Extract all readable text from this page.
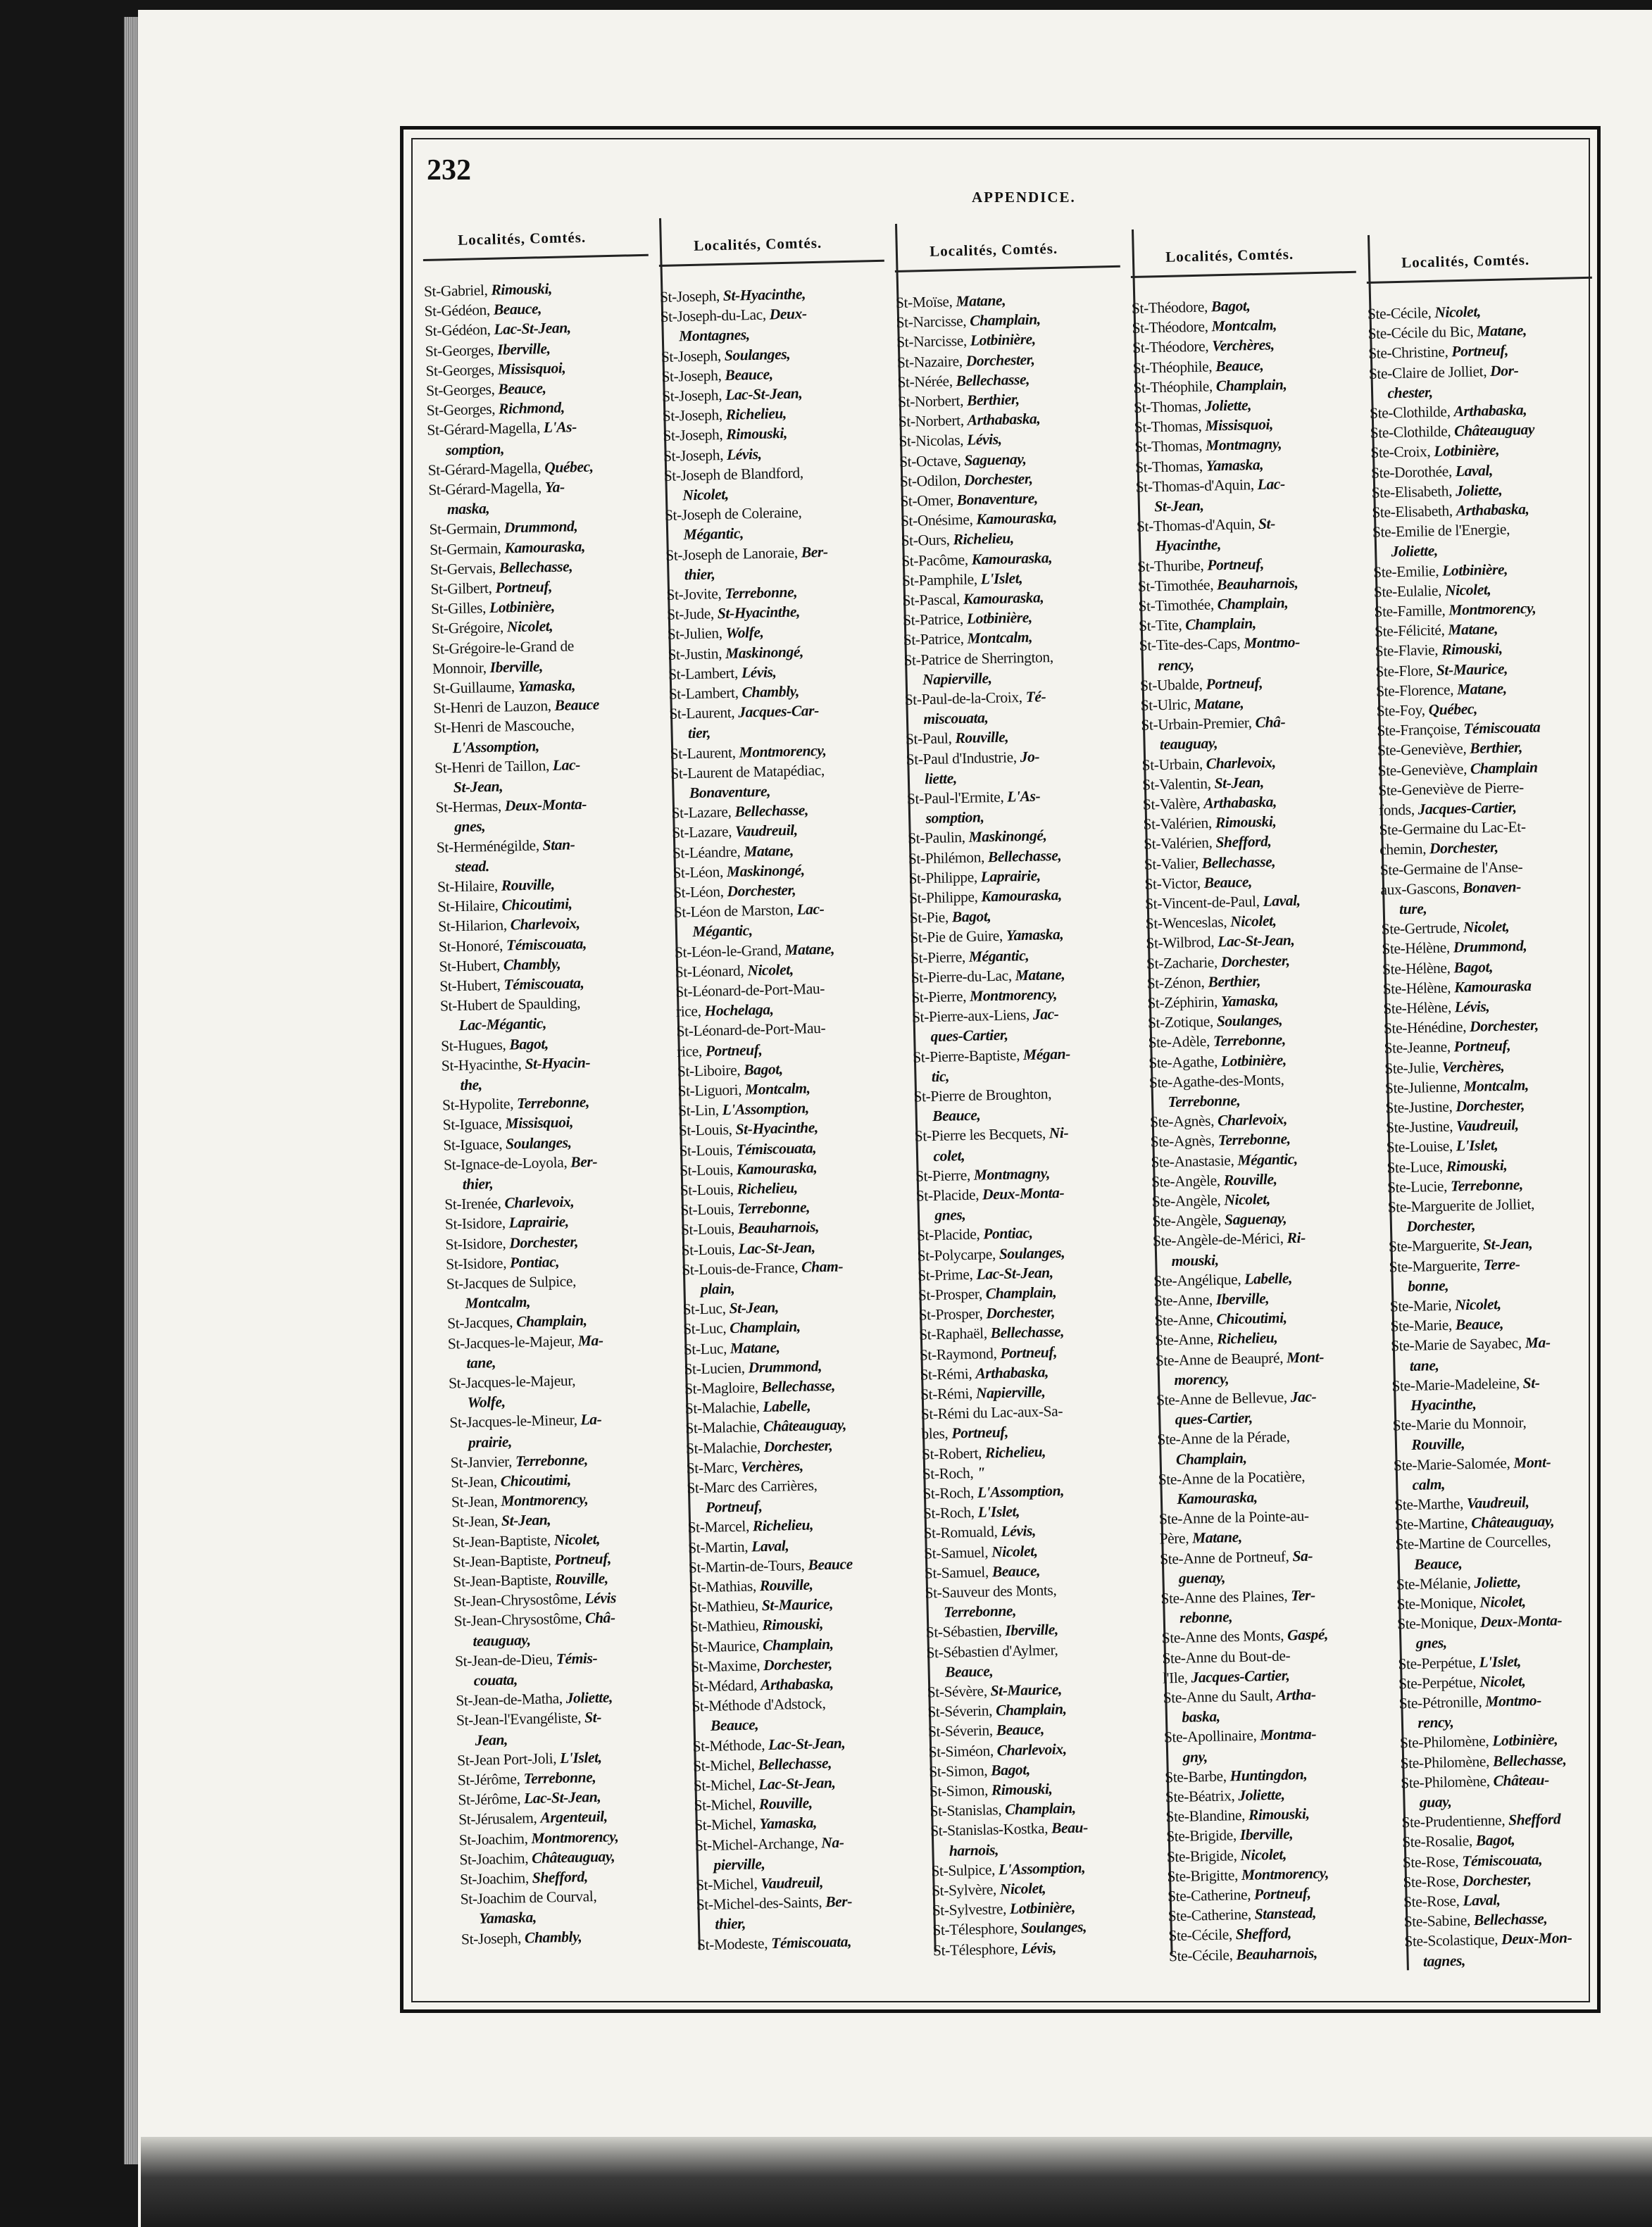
232
APPENDICE.
Localités, Comtés.
St-Gabriel, Rimouski,
St-Gédéon, Beauce,
St-Gédéon, Lac-St-Jean,
St-Georges, Iberville,
St-Georges, Missisquoi,
St-Georges, Beauce,
St-Georges, Richmond,
St-Gérard-Magella, L'As-
somption,
St-Gérard-Magella, Québec,
St-Gérard-Magella, Ya-
maska,
St-Germain, Drummond,
St-Germain, Kamouraska,
St-Gervais, Bellechasse,
St-Gilbert, Portneuf,
St-Gilles, Lotbinière,
St-Grégoire, Nicolet,
St-Grégoire-le-Grand de
Monnoir, Iberville,
St-Guillaume, Yamaska,
St-Henri de Lauzon, Beauce
St-Henri de Mascouche,
L'Assomption,
St-Henri de Taillon, Lac-
St-Jean,
St-Hermas, Deux-Monta-
gnes,
St-Herménégilde, Stan-
stead.
St-Hilaire, Rouville,
St-Hilaire, Chicoutimi,
St-Hilarion, Charlevoix,
St-Honoré, Témiscouata,
St-Hubert, Chambly,
St-Hubert, Témiscouata,
St-Hubert de Spaulding,
Lac-Mégantic,
St-Hugues, Bagot,
St-Hyacinthe, St-Hyacin-
the,
St-Hypolite, Terrebonne,
St-Iguace, Missisquoi,
St-Iguace, Soulanges,
St-Ignace-de-Loyola, Ber-
thier,
St-Irenée, Charlevoix,
St-Isidore, Laprairie,
St-Isidore, Dorchester,
St-Isidore, Pontiac,
St-Jacques de Sulpice,
Montcalm,
St-Jacques, Champlain,
St-Jacques-le-Majeur, Ma-
tane,
St-Jacques-le-Majeur,
Wolfe,
St-Jacques-le-Mineur, La-
prairie,
St-Janvier, Terrebonne,
St-Jean, Chicoutimi,
St-Jean, Montmorency,
St-Jean, St-Jean,
St-Jean-Baptiste, Nicolet,
St-Jean-Baptiste, Portneuf,
St-Jean-Baptiste, Rouville,
St-Jean-Chrysostôme, Lévis
St-Jean-Chrysostôme, Châ-
teauguay,
St-Jean-de-Dieu, Témis-
couata,
St-Jean-de-Matha, Joliette,
St-Jean-l'Evangéliste, St-
Jean,
St-Jean Port-Joli, L'Islet,
St-Jérôme, Terrebonne,
St-Jérôme, Lac-St-Jean,
St-Jérusalem, Argenteuil,
St-Joachim, Montmorency,
St-Joachim, Châteauguay,
St-Joachim, Shefford,
St-Joachim de Courval,
Yamaska,
St-Joseph, Chambly,
Localités, Comtés.
St-Joseph, St-Hyacinthe,
St-Joseph-du-Lac, Deux-
Montagnes,
St-Joseph, Soulanges,
St-Joseph, Beauce,
St-Joseph, Lac-St-Jean,
St-Joseph, Richelieu,
St-Joseph, Rimouski,
St-Joseph, Lévis,
St-Joseph de Blandford,
Nicolet,
St-Joseph de Coleraine,
Mégantic,
St-Joseph de Lanoraie, Ber-
thier,
St-Jovite, Terrebonne,
St-Jude, St-Hyacinthe,
St-Julien, Wolfe,
St-Justin, Maskinongé,
St-Lambert, Lévis,
St-Lambert, Chambly,
St-Laurent, Jacques-Car-
tier,
St-Laurent, Montmorency,
St-Laurent de Matapédiac,
Bonaventure,
St-Lazare, Bellechasse,
St-Lazare, Vaudreuil,
St-Léandre, Matane,
St-Léon, Maskinongé,
St-Léon, Dorchester,
St-Léon de Marston, Lac-
Mégantic,
St-Léon-le-Grand, Matane,
St-Léonard, Nicolet,
St-Léonard-de-Port-Mau-
rice, Hochelaga,
St-Léonard-de-Port-Mau-
rice, Portneuf,
St-Liboire, Bagot,
St-Liguori, Montcalm,
St-Lin, L'Assomption,
St-Louis, St-Hyacinthe,
St-Louis, Témiscouata,
St-Louis, Kamouraska,
St-Louis, Richelieu,
St-Louis, Terrebonne,
St-Louis, Beauharnois,
St-Louis, Lac-St-Jean,
St-Louis-de-France, Cham-
plain,
St-Luc, St-Jean,
St-Luc, Champlain,
St-Luc, Matane,
St-Lucien, Drummond,
St-Magloire, Bellechasse,
St-Malachie, Labelle,
St-Malachie, Châteauguay,
St-Malachie, Dorchester,
St-Marc, Verchères,
St-Marc des Carrières,
Portneuf,
St-Marcel, Richelieu,
St-Martin, Laval,
St-Martin-de-Tours, Beauce
St-Mathias, Rouville,
St-Mathieu, St-Maurice,
St-Mathieu, Rimouski,
St-Maurice, Champlain,
St-Maxime, Dorchester,
St-Médard, Arthabaska,
St-Méthode d'Adstock,
Beauce,
St-Méthode, Lac-St-Jean,
St-Michel, Bellechasse,
St-Michel, Lac-St-Jean,
St-Michel, Rouville,
St-Michel, Yamaska,
St-Michel-Archange, Na-
pierville,
St-Michel, Vaudreuil,
St-Michel-des-Saints, Ber-
thier,
St-Modeste, Témiscouata,
Localités, Comtés.
St-Moïse, Matane,
St-Narcisse, Champlain,
St-Narcisse, Lotbinière,
St-Nazaire, Dorchester,
St-Nérée, Bellechasse,
St-Norbert, Berthier,
St-Norbert, Arthabaska,
St-Nicolas, Lévis,
St-Octave, Saguenay,
St-Odilon, Dorchester,
St-Omer, Bonaventure,
St-Onésime, Kamouraska,
St-Ours, Richelieu,
St-Pacôme, Kamouraska,
St-Pamphile, L'Islet,
St-Pascal, Kamouraska,
St-Patrice, Lotbinière,
St-Patrice, Montcalm,
St-Patrice de Sherrington,
Napierville,
St-Paul-de-la-Croix, Té-
miscouata,
St-Paul, Rouville,
St-Paul d'Industrie, Jo-
liette,
St-Paul-l'Ermite, L'As-
somption,
St-Paulin, Maskinongé,
St-Philémon, Bellechasse,
St-Philippe, Laprairie,
St-Philippe, Kamouraska,
St-Pie, Bagot,
St-Pie de Guire, Yamaska,
St-Pierre, Mégantic,
St-Pierre-du-Lac, Matane,
St-Pierre, Montmorency,
St-Pierre-aux-Liens, Jac-
ques-Cartier,
St-Pierre-Baptiste, Mégan-
tic,
St-Pierre de Broughton,
Beauce,
St-Pierre les Becquets, Ni-
colet,
St-Pierre, Montmagny,
St-Placide, Deux-Monta-
gnes,
St-Placide, Pontiac,
St-Polycarpe, Soulanges,
St-Prime, Lac-St-Jean,
St-Prosper, Champlain,
St-Prosper, Dorchester,
St-Raphaël, Bellechasse,
St-Raymond, Portneuf,
St-Rémi, Arthabaska,
St-Rémi, Napierville,
St-Rémi du Lac-aux-Sa-
bles, Portneuf,
St-Robert, Richelieu,
St-Roch, "
St-Roch, L'Assomption,
St-Roch, L'Islet,
St-Romuald, Lévis,
St-Samuel, Nicolet,
St-Samuel, Beauce,
St-Sauveur des Monts,
Terrebonne,
St-Sébastien, Iberville,
St-Sébastien d'Aylmer,
Beauce,
St-Sévère, St-Maurice,
St-Séverin, Champlain,
St-Séverin, Beauce,
St-Siméon, Charlevoix,
St-Simon, Bagot,
St-Simon, Rimouski,
St-Stanislas, Champlain,
St-Stanislas-Kostka, Beau-
harnois,
St-Sulpice, L'Assomption,
St-Sylvère, Nicolet,
St-Sylvestre, Lotbinière,
St-Télesphore, Soulanges,
St-Télesphore, Lévis,
Localités, Comtés.
St-Théodore, Bagot,
St-Théodore, Montcalm,
St-Théodore, Verchères,
St-Théophile, Beauce,
St-Théophile, Champlain,
St-Thomas, Joliette,
St-Thomas, Missisquoi,
St-Thomas, Montmagny,
St-Thomas, Yamaska,
St-Thomas-d'Aquin, Lac-
St-Jean,
St-Thomas-d'Aquin, St-
Hyacinthe,
St-Thuribe, Portneuf,
St-Timothée, Beauharnois,
St-Timothée, Champlain,
St-Tite, Champlain,
St-Tite-des-Caps, Montmo-
rency,
St-Ubalde, Portneuf,
St-Ulric, Matane,
St-Urbain-Premier, Châ-
teauguay,
St-Urbain, Charlevoix,
St-Valentin, St-Jean,
St-Valère, Arthabaska,
St-Valérien, Rimouski,
St-Valérien, Shefford,
St-Valier, Bellechasse,
St-Victor, Beauce,
St-Vincent-de-Paul, Laval,
St-Wenceslas, Nicolet,
St-Wilbrod, Lac-St-Jean,
St-Zacharie, Dorchester,
St-Zénon, Berthier,
St-Zéphirin, Yamaska,
St-Zotique, Soulanges,
Ste-Adèle, Terrebonne,
Ste-Agathe, Lotbinière,
Ste-Agathe-des-Monts,
Terrebonne,
Ste-Agnès, Charlevoix,
Ste-Agnès, Terrebonne,
Ste-Anastasie, Mégantic,
Ste-Angèle, Rouville,
Ste-Angèle, Nicolet,
Ste-Angèle, Saguenay,
Ste-Angèle-de-Mérici, Ri-
mouski,
Ste-Angélique, Labelle,
Ste-Anne, Iberville,
Ste-Anne, Chicoutimi,
Ste-Anne, Richelieu,
Ste-Anne de Beaupré, Mont-
morency,
Ste-Anne de Bellevue, Jac-
ques-Cartier,
Ste-Anne de la Pérade,
Champlain,
Ste-Anne de la Pocatière,
Kamouraska,
Ste-Anne de la Pointe-au-
Père, Matane,
Ste-Anne de Portneuf, Sa-
guenay,
Ste-Anne des Plaines, Ter-
rebonne,
Ste-Anne des Monts, Gaspé,
Ste-Anne du Bout-de-
l'Ile, Jacques-Cartier,
Ste-Anne du Sault, Artha-
baska,
Ste-Apollinaire, Montma-
gny,
Ste-Barbe, Huntingdon,
Ste-Béatrix, Joliette,
Ste-Blandine, Rimouski,
Ste-Brigide, Iberville,
Ste-Brigide, Nicolet,
Ste-Brigitte, Montmorency,
Ste-Catherine, Portneuf,
Ste-Catherine, Stanstead,
Ste-Cécile, Shefford,
Ste-Cécile, Beauharnois,
Localités, Comtés.
Ste-Cécile, Nicolet,
Ste-Cécile du Bic, Matane,
Ste-Christine, Portneuf,
Ste-Claire de Jolliet, Dor-
chester,
Ste-Clothilde, Arthabaska,
Ste-Clothilde, Châteauguay
Ste-Croix, Lotbinière,
Ste-Dorothée, Laval,
Ste-Elisabeth, Joliette,
Ste-Elisabeth, Arthabaska,
Ste-Emilie de l'Energie,
Joliette,
Ste-Emilie, Lotbinière,
Ste-Eulalie, Nicolet,
Ste-Famille, Montmorency,
Ste-Félicité, Matane,
Ste-Flavie, Rimouski,
Ste-Flore, St-Maurice,
Ste-Florence, Matane,
Ste-Foy, Québec,
Ste-Françoise, Témiscouata
Ste-Geneviève, Berthier,
Ste-Geneviève, Champlain
Ste-Geneviève de Pierre-
fonds, Jacques-Cartier,
Ste-Germaine du Lac-Et-
chemin, Dorchester,
Ste-Germaine de l'Anse-
aux-Gascons, Bonaven-
ture,
Ste-Gertrude, Nicolet,
Ste-Hélène, Drummond,
Ste-Hélène, Bagot,
Ste-Hélène, Kamouraska
Ste-Hélène, Lévis,
Ste-Hénédine, Dorchester,
Ste-Jeanne, Portneuf,
Ste-Julie, Verchères,
Ste-Julienne, Montcalm,
Ste-Justine, Dorchester,
Ste-Justine, Vaudreuil,
Ste-Louise, L'Islet,
Ste-Luce, Rimouski,
Ste-Lucie, Terrebonne,
Ste-Marguerite de Jolliet,
Dorchester,
Ste-Marguerite, St-Jean,
Ste-Marguerite, Terre-
bonne,
Ste-Marie, Nicolet,
Ste-Marie, Beauce,
Ste-Marie de Sayabec, Ma-
tane,
Ste-Marie-Madeleine, St-
Hyacinthe,
Ste-Marie du Monnoir,
Rouville,
Ste-Marie-Salomée, Mont-
calm,
Ste-Marthe, Vaudreuil,
Ste-Martine, Châteauguay,
Ste-Martine de Courcelles,
Beauce,
Ste-Mélanie, Joliette,
Ste-Monique, Nicolet,
Ste-Monique, Deux-Monta-
gnes,
Ste-Perpétue, L'Islet,
Ste-Perpétue, Nicolet,
Ste-Pétronille, Montmo-
rency,
Ste-Philomène, Lotbinière,
Ste-Philomène, Bellechasse,
Ste-Philomène, Château-
guay,
Ste-Prudentienne, Shefford
Ste-Rosalie, Bagot,
Ste-Rose, Témiscouata,
Ste-Rose, Dorchester,
Ste-Rose, Laval,
Ste-Sabine, Bellechasse,
Ste-Scolastique, Deux-Mon-
tagnes,
